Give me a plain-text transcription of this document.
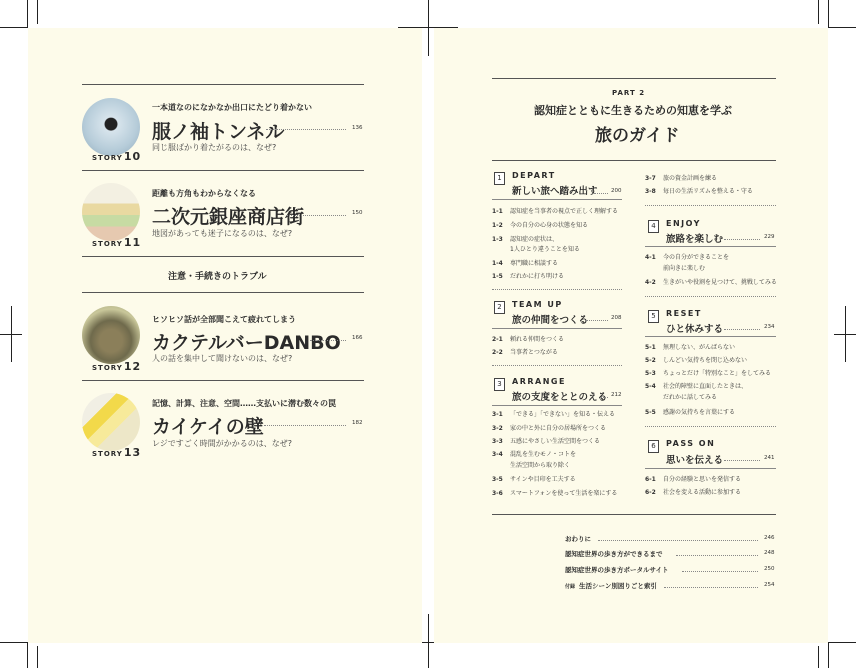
STORY10
一本道なのになかなか出口にたどり着かない
服ノ袖トンネル	136
同じ服ばかり着たがるのは、なぜ?
STORY11
距離も方角もわからなくなる
二次元銀座商店街	150
地図があっても迷子になるのは、なぜ?
注意・手続きのトラブル
STORY12
ヒソヒソ話が全部聞こえて疲れてしまう
カクテルバーDANBO 166
人の話を集中して聞けないのは、なぜ?
STORY13
記憶、計算、注意、空間……支払いに潜む数々の罠
カイケイの壁	182
レジですごく時間がかかるのは、なぜ?
PART 2
認知症とともに生きるための知恵を学ぶ
旅のガイド
1	DEPART
新しい旅へ踏み出す 200
1-1 認知症を当事者の視点で正しく理解する
1-2 今の自分の心身の状態を知る
1-3 認知症の症状は、
1人ひとり違うことを知る
1-4 専門職に相談する
1-5 だれかに打ち明ける
2	TEAM UP
旅の仲間をつくる	208
2-1 頼れる仲間をつくる
2-2 当事者とつながる
3	ARRANGE
旅の支度をととのえる 212
3-1 「できる」「できない」を知る・伝える
3-2 家の中と外に自分の居場所をつくる
3-3 五感にやさしい生活空間をつくる
3-4 混乱を生むモノ・コトを
生活空間から取り除く
3-5 サインや目印を工夫する
3-6 スマートフォンを使って生活を楽にする
3-7 旅の資金計画を練る
3-8 毎日の生活リズムを整える・守る
4	ENJOY
旅路を楽しむ	229
4-1 今の自分ができることを
前向きに楽しむ
4-2 生きがいや役割を見つけて、挑戦してみる
5	RESET
ひと休みする	234
5-1 無理しない、がんばらない
5-2 しんどい気持ちを閉じ込めない
5-3 ちょっとだけ「特別なこと」をしてみる
5-4 社会的障壁に直面したときは、
だれかに話してみる
5-5 感謝の気持ちを言葉にする
6	PASS ON
思いを伝える	241
6-1 自分の経験と思いを発信する
6-2 社会を変える活動に参加する
おわりに	246
認知症世界の歩き方ができるまで	248
認知症世界の歩き方ポータルサイト	250
付録 生活シーン別困りごと索引	254
